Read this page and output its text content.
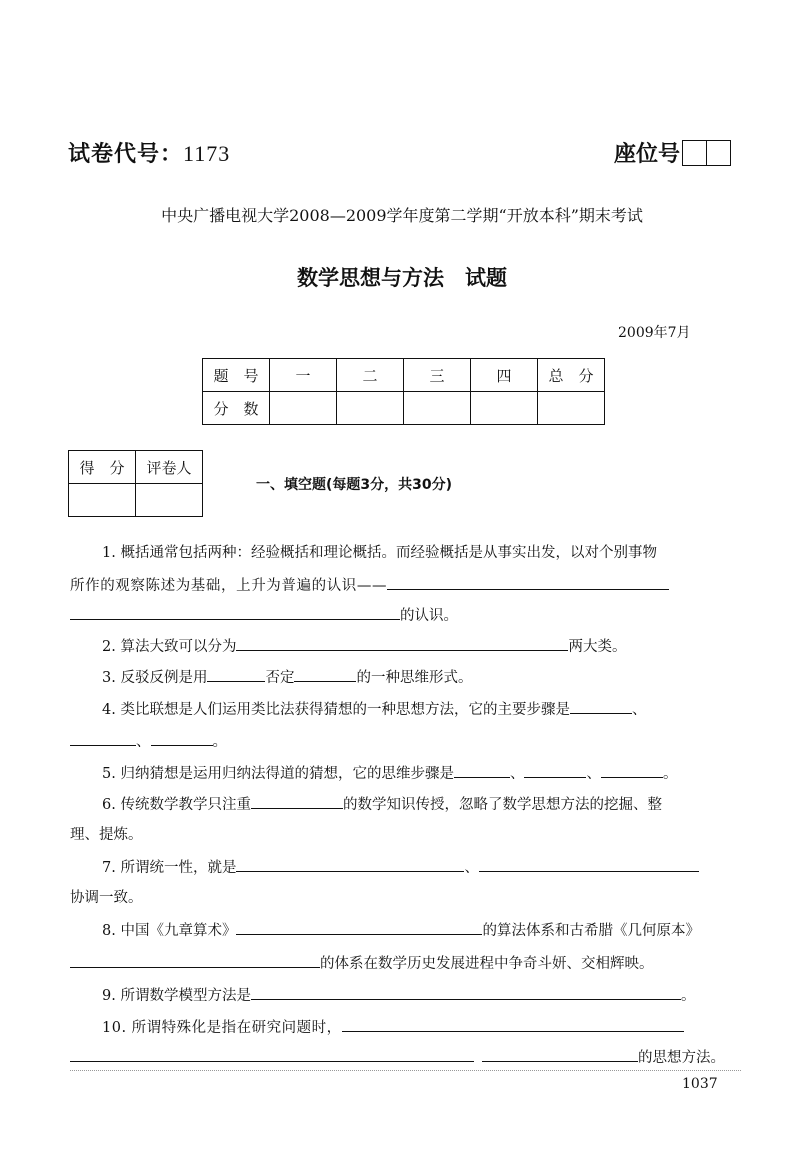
试卷代号：1173	座位号
中央广播电视大学2008—2009学年度第二学期“开放本科”期末考试
数学思想与方法　试题
2009年7月
题　号	一	二	三	四	总　分
分　数					
得　分	评卷人

一、填空题(每题3分，共30分)
1. 概括通常包括两种：经验概括和理论概括。而经验概括是从事实出发，以对个别事物
所作的观察陈述为基础，上升为普遍的认识——
的认识。
2. 算法大致可以分为	两大类。
3. 反驳反例是用	否定	的一种思维形式。
4. 类比联想是人们运用类比法获得猜想的一种思想方法，它的主要步骤是	、
、	。
5. 归纳猜想是运用归纳法得道的猜想，它的思维步骤是	、	、	。
6. 传统数学教学只注重	的数学知识传授，忽略了数学思想方法的挖掘、整
理、提炼。
7. 所谓统一性，就是	、
协调一致。
8. 中国《九章算术》	的算法体系和古希腊《几何原本》
的体系在数学历史发展进程中争奇斗妍、交相辉映。
9. 所谓数学模型方法是	。
10. 所谓特殊化是指在研究问题时，
的思想方法。
1037
